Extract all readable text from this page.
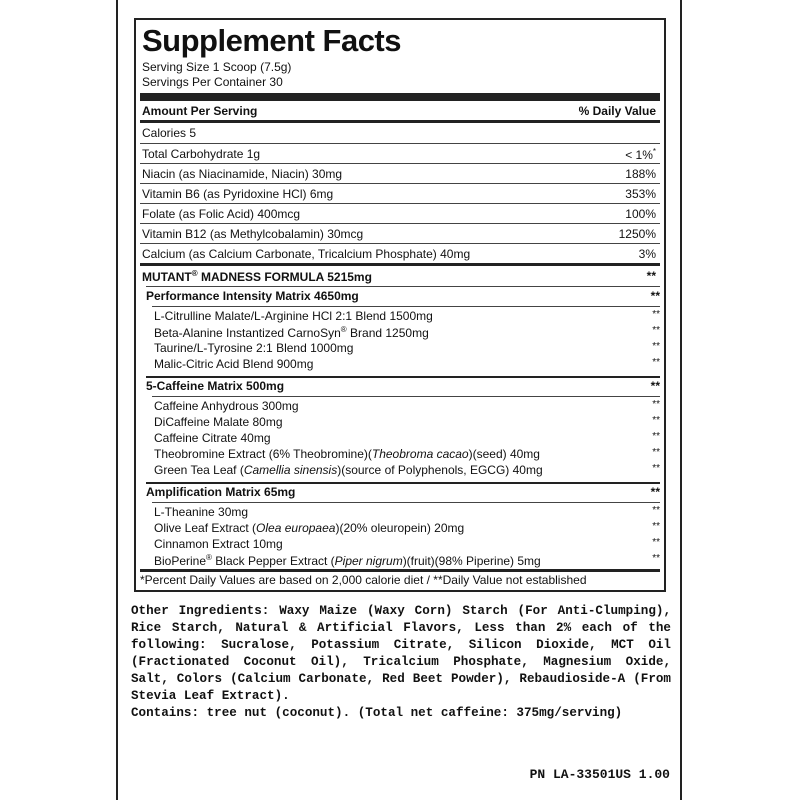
Supplement Facts
Serving Size 1 Scoop (7.5g)
Servings Per Container 30
Amount Per Serving	% Daily Value
Calories 5
Total Carbohydrate 1g	< 1%*
Niacin (as Niacinamide, Niacin) 30mg	188%
Vitamin B6 (as Pyridoxine HCl) 6mg	353%
Folate (as Folic Acid) 400mcg	100%
Vitamin B12 (as Methylcobalamin) 30mcg	1250%
Calcium (as Calcium Carbonate, Tricalcium Phosphate) 40mg	3%
MUTANT® MADNESS FORMULA 5215mg	**
Performance Intensity Matrix 4650mg	**
L-Citrulline Malate/L-Arginine HCl 2:1 Blend 1500mg	**
Beta-Alanine Instantized CarnoSyn® Brand 1250mg	**
Taurine/L-Tyrosine 2:1 Blend 1000mg	**
Malic-Citric Acid Blend 900mg	**
5-Caffeine Matrix 500mg	**
Caffeine Anhydrous 300mg	**
DiCaffeine Malate 80mg	**
Caffeine Citrate 40mg	**
Theobromine Extract (6% Theobromine)(Theobroma cacao)(seed) 40mg	**
Green Tea Leaf (Camellia sinensis)(source of Polyphenols, EGCG) 40mg	**
Amplification Matrix 65mg	**
L-Theanine 30mg	**
Olive Leaf Extract (Olea europaea)(20% oleuropein) 20mg	**
Cinnamon Extract 10mg	**
BioPerine® Black Pepper Extract (Piper nigrum)(fruit)(98% Piperine) 5mg	**
*Percent Daily Values are based on 2,000 calorie diet / **Daily Value not established

Other Ingredients: Waxy Maize (Waxy Corn) Starch (For Anti-Clumping), Rice Starch, Natural & Artificial Flavors, Less than 2% each of the following: Sucralose, Potassium Citrate, Silicon Dioxide, MCT Oil (Fractionated Coconut Oil), Tricalcium Phosphate, Magnesium Oxide, Salt, Colors (Calcium Carbonate, Red Beet Powder), Rebaudioside-A (From Stevia Leaf Extract).

Contains: tree nut (coconut). (Total net caffeine: 375mg/serving)

PN LA-33501US 1.00
